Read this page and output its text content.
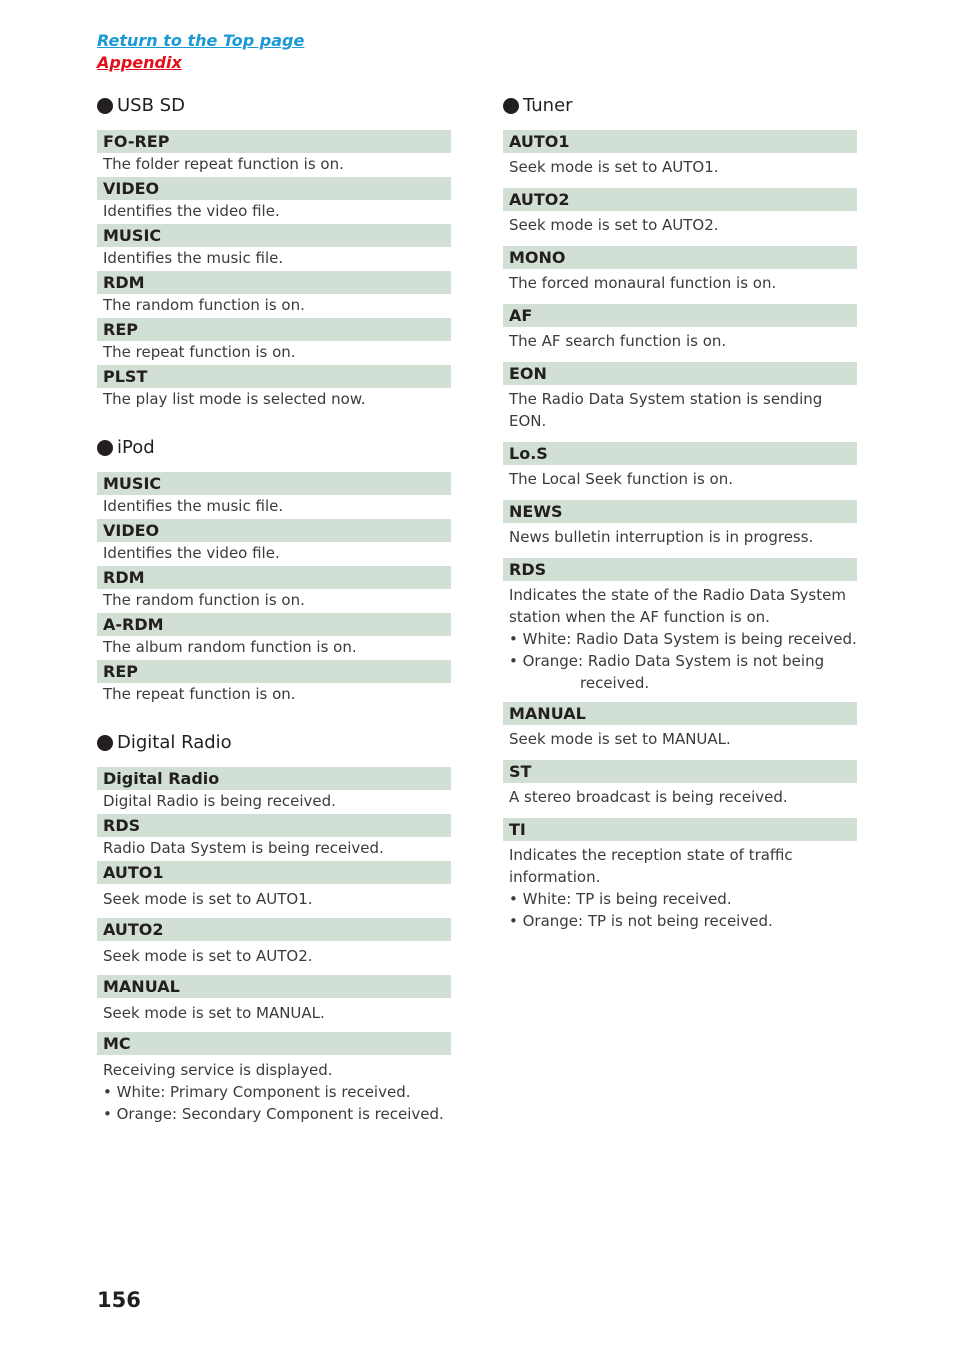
Return to the Top page
Appendix
USB SD
FO-REP
The folder repeat function is on.
VIDEO
Identifies the video file.
MUSIC
Identifies the music file.
RDM
The random function is on.
REP
The repeat function is on.
PLST
The play list mode is selected now.
iPod
MUSIC
Identifies the music file.
VIDEO
Identifies the video file.
RDM
The random function is on.
A-RDM
The album random function is on.
REP
The repeat function is on.
Digital Radio
Digital Radio
Digital Radio is being received.
RDS
Radio Data System is being received.
AUTO1
Seek mode is set to AUTO1.
AUTO2
Seek mode is set to AUTO2.
MANUAL
Seek mode is set to MANUAL.
MC
Receiving service is displayed.
• White: Primary Component is received.
• Orange: Secondary Component is received.
Tuner
AUTO1
Seek mode is set to AUTO1.
AUTO2
Seek mode is set to AUTO2.
MONO
The forced monaural function is on.
AF
The AF search function is on.
EON
The Radio Data System station is sending EON.
Lo.S
The Local Seek function is on.
NEWS
News bulletin interruption is in progress.
RDS
Indicates the state of the Radio Data System
station when the AF function is on.
• White: Radio Data System is being received.
• Orange: Radio Data System is not being
received.
MANUAL
Seek mode is set to MANUAL.
ST
A stereo broadcast is being received.
TI
Indicates the reception state of traffic
information.
• White: TP is being received.
• Orange: TP is not being received.
156
